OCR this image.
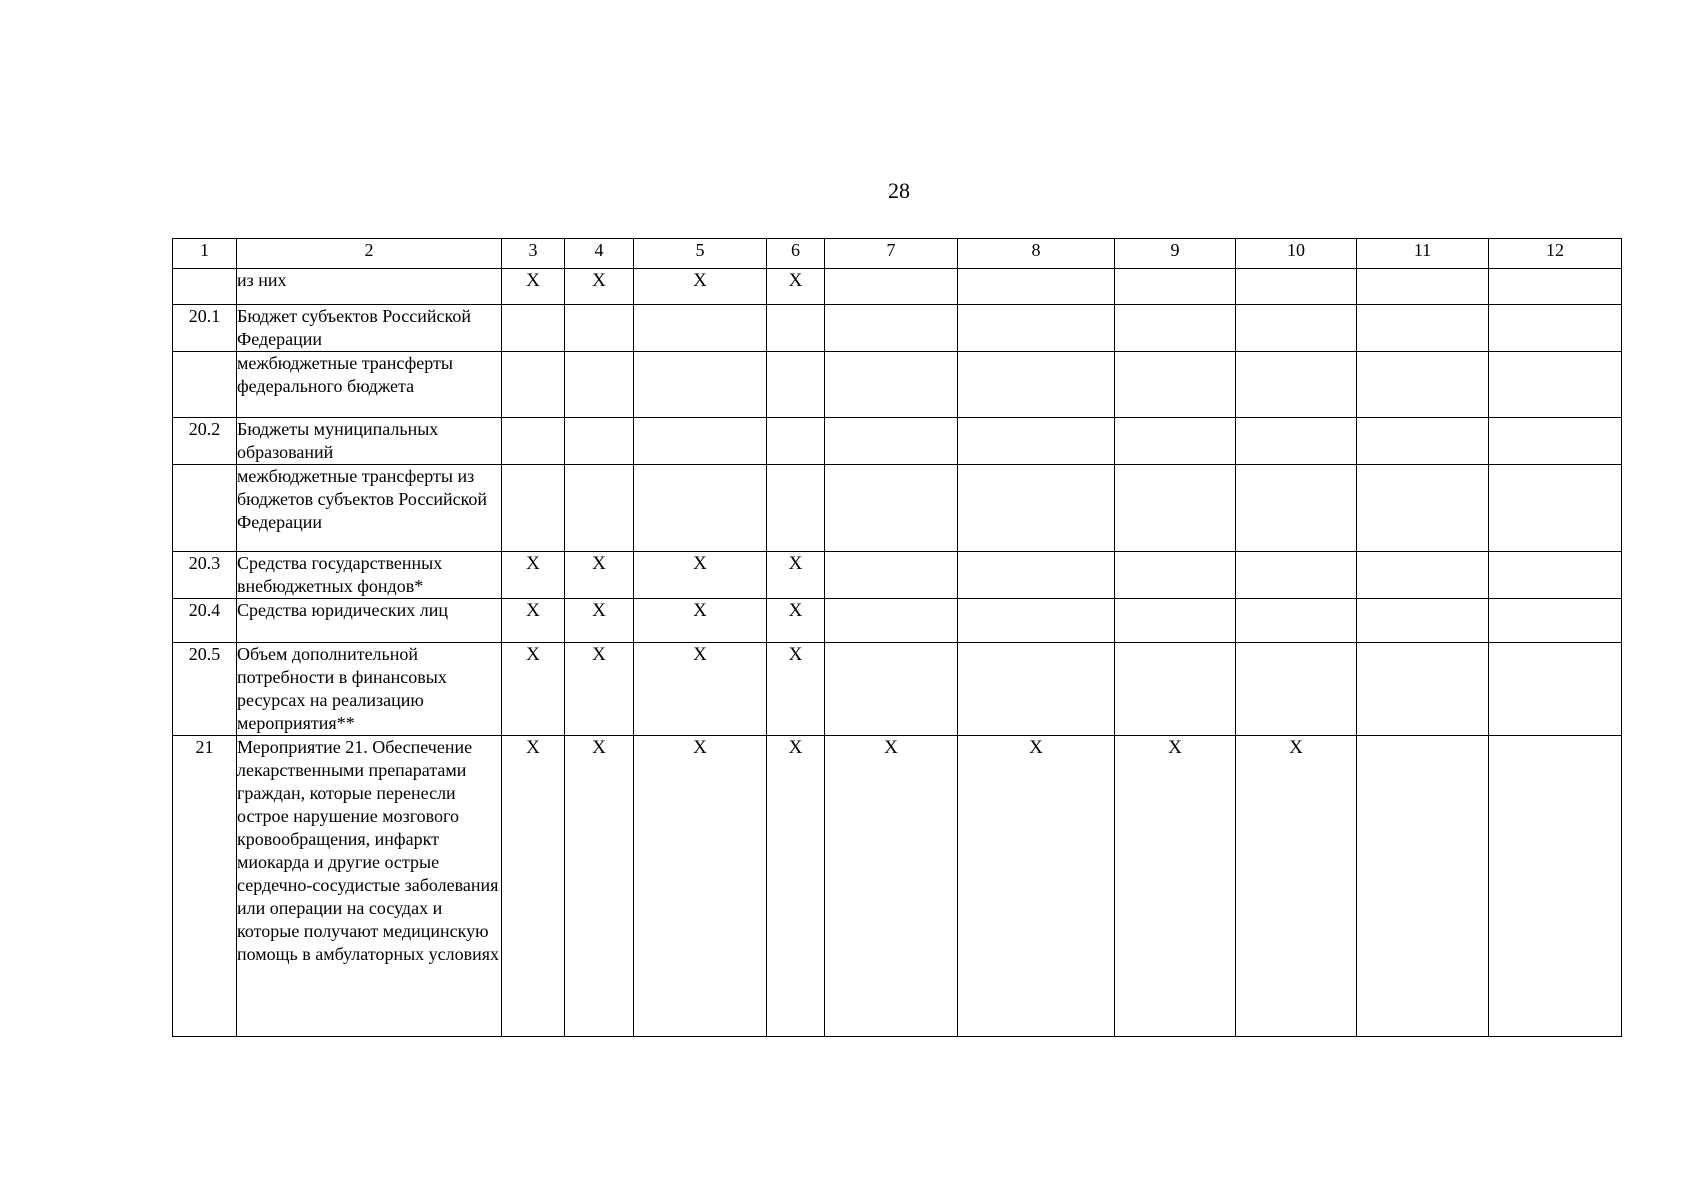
28
1	2	3	4	5	6	7	8	9	10	11	12
	из них	X	X	X	X						
20.1	Бюджет субъектов Российской Федерации										
	межбюджетные трансферты федерального бюджета										
20.2	Бюджеты муниципальных образований										
	межбюджетные трансферты из бюджетов субъектов Российской Федерации										
20.3	Средства государственных внебюджетных фондов*	X	X	X	X						
20.4	Средства юридических лиц	X	X	X	X						
20.5	Объем дополнительной потребности в финансовых ресурсах на реализацию мероприятия**	X	X	X	X						
21	Мероприятие 21. Обеспечение лекарственными препаратами граждан, которые перенесли острое нарушение мозгового кровообращения, инфаркт миокарда и другие острые сердечно-сосудистые заболевания или операции на сосудах и которые получают медицинскую помощь в амбулаторных условиях	X	X	X	X	X	X	X	X		
